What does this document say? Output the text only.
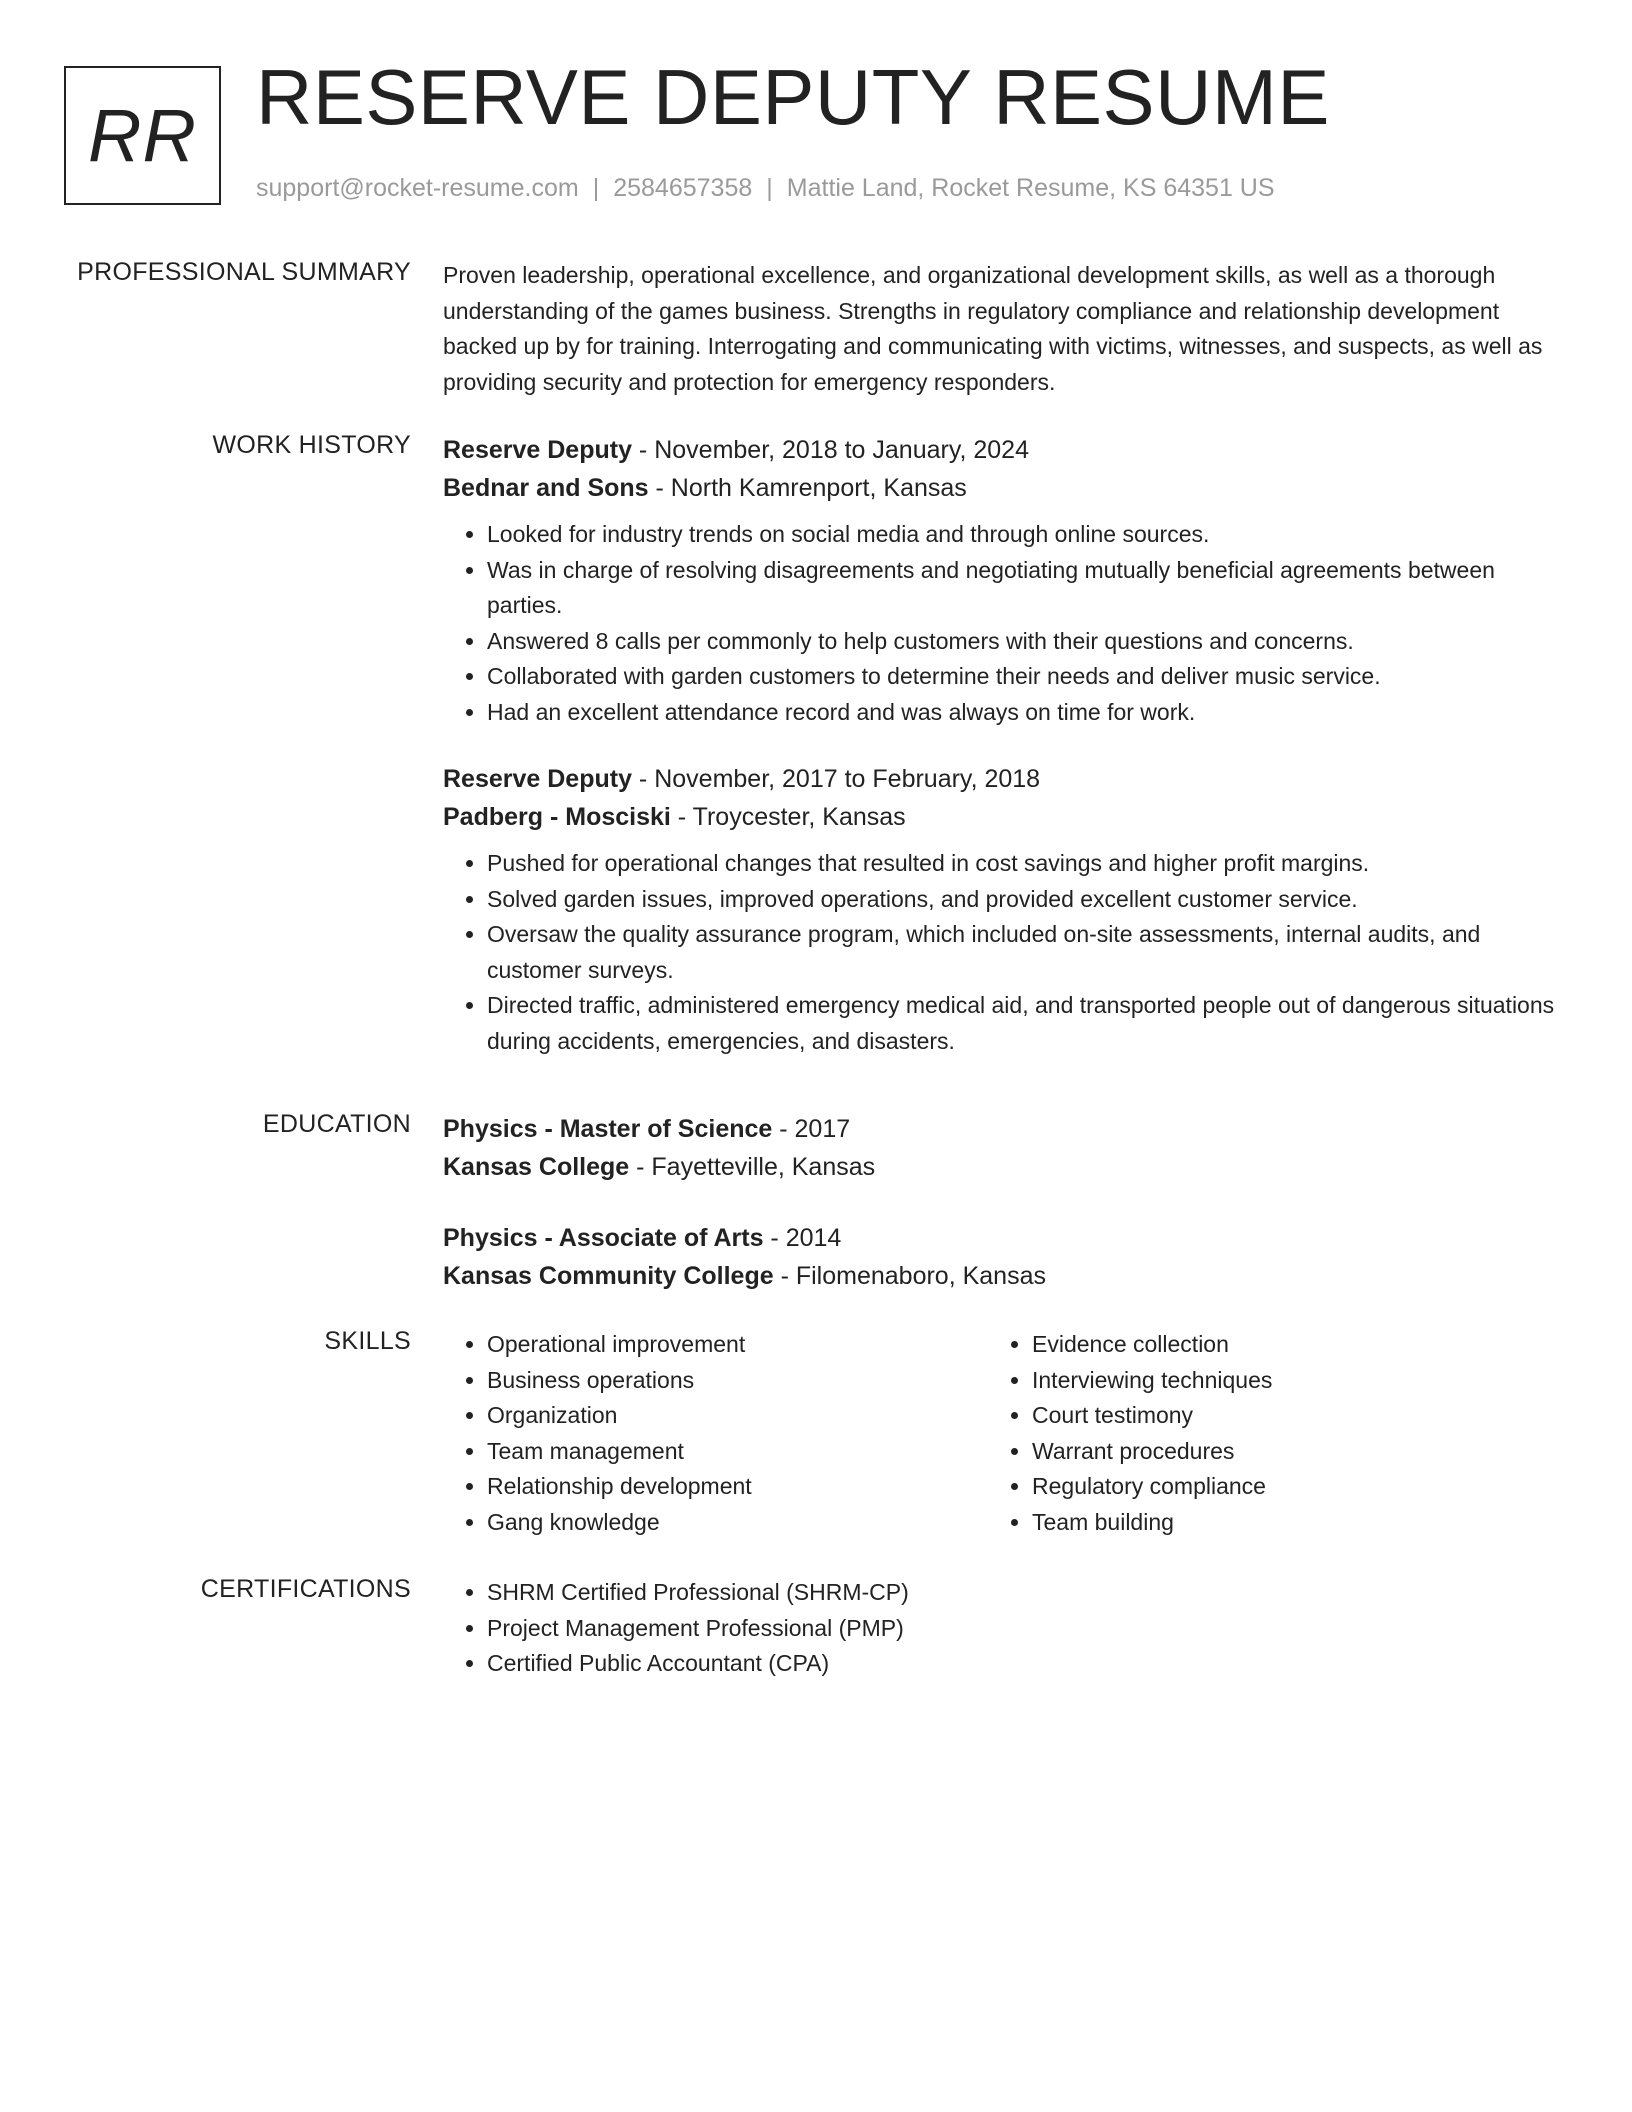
RR RESERVE DEPUTY RESUME
support@rocket-resume.com | 2584657358 | Mattie Land, Rocket Resume, KS 64351 US
PROFESSIONAL SUMMARY Proven leadership, operational excellence, and organizational development skills, as well as a thorough understanding of the games business. Strengths in regulatory compliance and relationship development backed up by for training. Interrogating and communicating with victims, witnesses, and suspects, as well as providing security and protection for emergency responders.

WORK HISTORY Reserve Deputy - November, 2018 to January, 2024
Bednar and Sons - North Kamrenport, Kansas
• Looked for industry trends on social media and through online sources.
• Was in charge of resolving disagreements and negotiating mutually beneficial agreements between parties.
• Answered 8 calls per commonly to help customers with their questions and concerns.
• Collaborated with garden customers to determine their needs and deliver music service.
• Had an excellent attendance record and was always on time for work.
Reserve Deputy - November, 2017 to February, 2018
Padberg - Mosciski - Troycester, Kansas
• Pushed for operational changes that resulted in cost savings and higher profit margins.
• Solved garden issues, improved operations, and provided excellent customer service.
• Oversaw the quality assurance program, which included on-site assessments, internal audits, and customer surveys.
• Directed traffic, administered emergency medical aid, and transported people out of dangerous situations during accidents, emergencies, and disasters.
EDUCATION Physics - Master of Science - 2017
Kansas College - Fayetteville, Kansas
Physics - Associate of Arts - 2014
Kansas Community College - Filomenaboro, Kansas
SKILLS	• Operational improvement
• Business operations
• Organization
• Team management
• Relationship development
• Gang knowledge
• Evidence collection
• Interviewing techniques
• Court testimony
• Warrant procedures
• Regulatory compliance
• Team building
CERTIFICATIONS	• SHRM Certified Professional (SHRM-CP)
• Project Management Professional (PMP)
• Certified Public Accountant (CPA)
